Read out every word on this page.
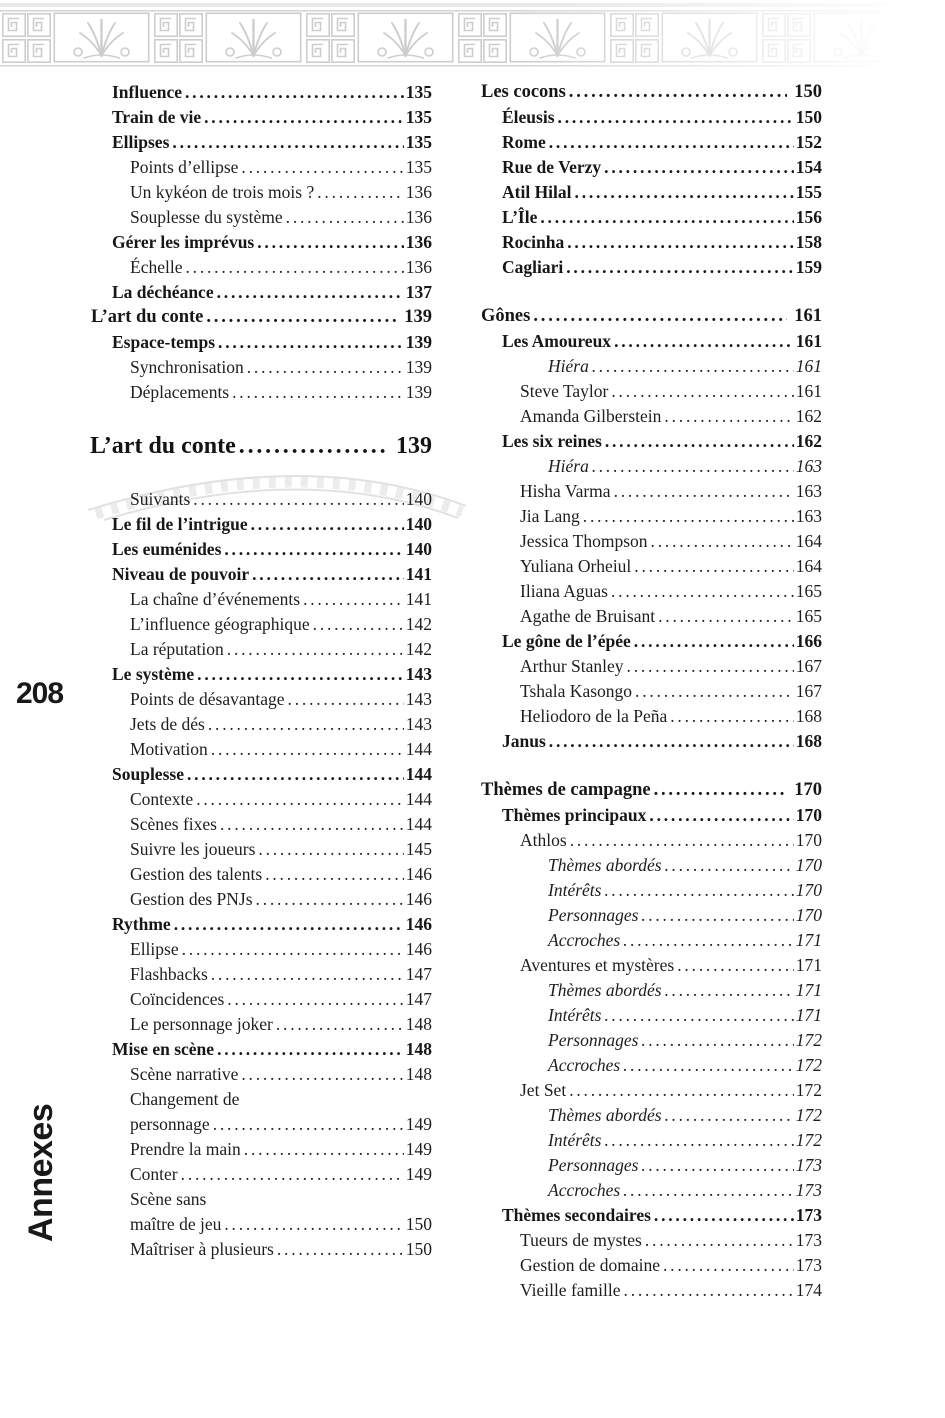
208
Annexes
Influence .....	135
Train de vie .....	135
Ellipses .....	135
Points d’ellipse .....	135
Un kykéon de trois mois ? .....	136
Souplesse du système .....	136
Gérer les imprévus .....	136
Échelle .....	136
La déchéance .....	137
L’art du conte .....	139
Espace-temps .....	139
Synchronisation .....	139
Déplacements .....	139
L’art du conte .....	139
Suivants .....	140
Le fil de l’intrigue .....	140
Les euménides .....	140
Niveau de pouvoir .....	141
La chaîne d’événements .....	141
L’influence géographique .....	142
La réputation .....	142
Le système .....	143
Points de désavantage .....	143
Jets de dés .....	143
Motivation .....	144
Souplesse .....	144
Contexte .....	144
Scènes fixes .....	144
Suivre les joueurs .....	145
Gestion des talents .....	146
Gestion des PNJs .....	146
Rythme .....	146
Ellipse .....	146
Flashbacks .....	147
Coïncidences .....	147
Le personnage joker .....	148
Mise en scène .....	148
Scène narrative .....	148
Changement de
personnage .....	149
Prendre la main .....	149
Conter .....	149
Scène sans
maître de jeu .....	150
Maîtriser à plusieurs .....	150
Les cocons .....	150
Éleusis .....	150
Rome .....	152
Rue de Verzy .....	154
Atil Hilal .....	155
L’Île .....	156
Rocinha .....	158
Cagliari .....	159
Gônes .....	161
Les Amoureux .....	161
Hiéra .....	161
Steve Taylor .....	161
Amanda Gilberstein .....	162
Les six reines .....	162
Hiéra .....	163
Hisha Varma .....	163
Jia Lang .....	163
Jessica Thompson .....	164
Yuliana Orheiul .....	164
Iliana Aguas .....	165
Agathe de Bruisant .....	165
Le gône de l’épée .....	166
Arthur Stanley .....	167
Tshala Kasongo .....	167
Heliodoro de la Peña .....	168
Janus .....	168
Thèmes de campagne .....	170
Thèmes principaux .....	170
Athlos .....	170
Thèmes abordés .....	170
Intérêts .....	170
Personnages .....	170
Accroches .....	171
Aventures et mystères .....	171
Thèmes abordés .....	171
Intérêts .....	171
Personnages .....	172
Accroches .....	172
Jet Set .....	172
Thèmes abordés .....	172
Intérêts .....	172
Personnages .....	173
Accroches .....	173
Thèmes secondaires .....	173
Tueurs de mystes .....	173
Gestion de domaine .....	173
Vieille famille .....	174
